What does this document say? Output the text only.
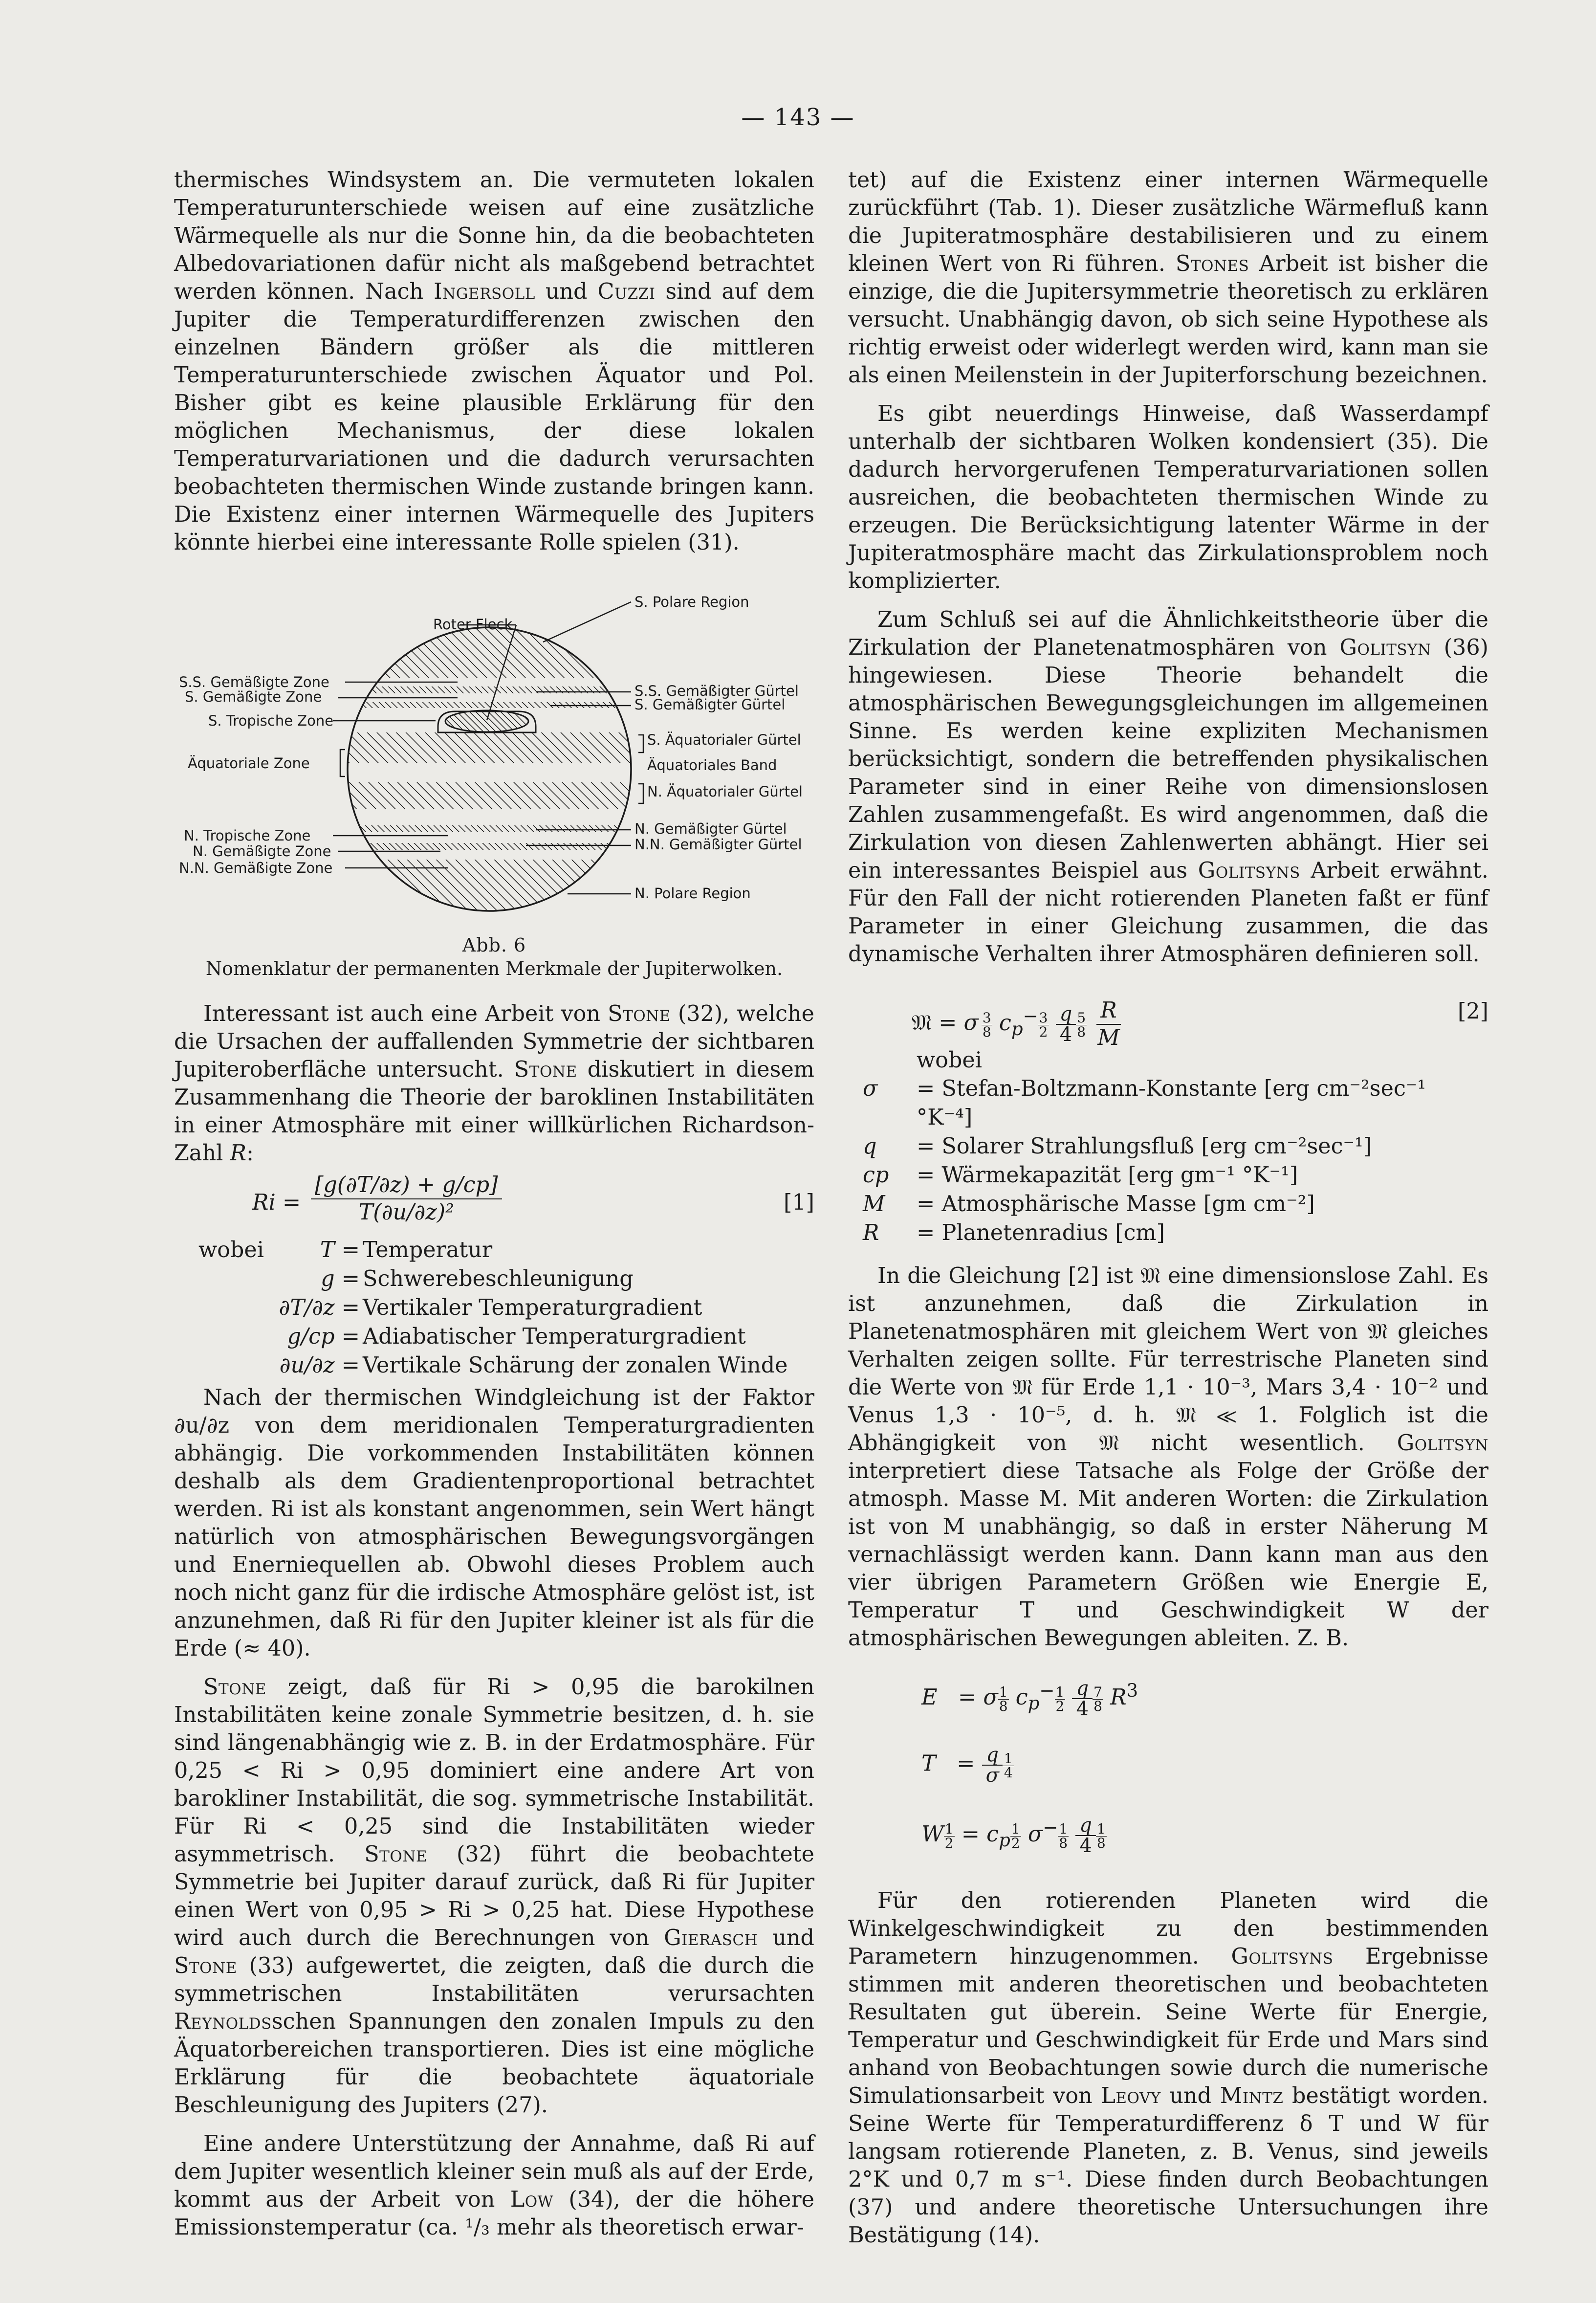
— 143 —

thermisches Windsystem an. Die vermuteten lokalen Temperaturunterschiede weisen auf eine zusätzliche Wärmequelle als nur die Sonne hin, da die beobachteten Albedovariationen dafür nicht als maßgebend betrachtet werden können. Nach Ingersoll und Cuzzi sind auf dem Jupiter die Temperaturdifferenzen zwischen den einzelnen Bändern größer als die mittleren Temperaturunterschiede zwischen Äquator und Pol. Bisher gibt es keine plausible Erklärung für den möglichen Mechanismus, der diese lokalen Temperaturvariationen und die dadurch verursachten beobachteten thermischen Winde zustande bringen kann. Die Existenz einer internen Wärmequelle des Jupiters könnte hierbei eine interessante Rolle spielen (31).

Roter Fleck
S. Polare Region
S.S. Gemäßigter Gürtel
S. Gemäßigter Gürtel
S. Äquatorialer Gürtel
Äquatoriales Band
N. Äquatorialer Gürtel
N. Gemäßigter Gürtel
N.N. Gemäßigter Gürtel
N. Polare Region
S.S. Gemäßigte Zone
S. Gemäßigte Zone
S. Tropische Zone
Äquatoriale Zone
N. Tropische Zone
N. Gemäßigte Zone
N.N. Gemäßigte Zone
Abb. 6
Nomenklatur der permanenten Merkmale der Jupiterwolken.

Interessant ist auch eine Arbeit von Stone (32), welche die Ursachen der auffallenden Symmetrie der sichtbaren Jupiteroberfläche untersucht. Stone diskutiert in diesem Zusammenhang die Theorie der baroklinen Instabilitäten in einer Atmosphäre mit einer willkürlichen Richardson-Zahl R:

$Ri = \frac{[g(\partial T/\partial z) + g/cp]}{\text{T(∂u/∂z)²}}$	[1]
wobei	T = Temperatur
g = Schwerebeschleunigung
∂T/∂z = Vertikaler Temperaturgradient
g/cp = Adiabatischer Temperaturgradient
∂u/∂z = Vertikale Schärung der zonalen Winde

Nach der thermischen Windgleichung ist der Faktor ∂u/∂z von dem meridionalen Temperaturgradienten abhängig. Die vorkommenden Instabilitäten können deshalb als dem Gradientenproportional betrachtet werden. Ri ist als konstant angenommen, sein Wert hängt natürlich von atmosphärischen Bewegungsvorgängen und Enerniequellen ab. Obwohl dieses Problem auch noch nicht ganz für die irdische Atmosphäre gelöst ist, ist anzunehmen, daß Ri für den Jupiter kleiner ist als für die Erde (≈ 40).

Stone zeigt, daß für Ri > 0,95 die barokilnen Instabilitäten keine zonale Symmetrie besitzen, d. h. sie sind längenabhängig wie z. B. in der Erdatmosphäre. Für 0,25 < Ri > 0,95 dominiert eine andere Art von barokliner Instabilität, die sog. symmetrische Instabilität. Für Ri < 0,25 sind die Instabilitäten wieder asymmetrisch. Stone (32) führt die beobachtete Symmetrie bei Jupiter darauf zurück, daß Ri für Jupiter einen Wert von 0,95 > Ri > 0,25 hat. Diese Hypothese wird auch durch die Berechnungen von Gierasch und Stone (33) aufgewertet, die zeigten, daß die durch die symmetrischen Instabilitäten verursachten Reynoldsschen Spannungen den zonalen Impuls zu den Äquatorbereichen transportieren. Dies ist eine mögliche Erklärung für die beobachtete äquatoriale Beschleunigung des Jupiters (27).

Eine andere Unterstützung der Annahme, daß Ri auf dem Jupiter wesentlich kleiner sein muß als auf der Erde, kommt aus der Arbeit von Low (34), der die höhere Emissionstemperatur (ca. ¹/₃ mehr als theoretisch erwar-

tet) auf die Existenz einer internen Wärmequelle zurückführt (Tab. 1). Dieser zusätzliche Wärmefluß kann die Jupiteratmosphäre destabilisieren und zu einem kleinen Wert von Ri führen. Stones Arbeit ist bisher die einzige, die die Jupitersymmetrie theoretisch zu erklären versucht. Unabhängig davon, ob sich seine Hypothese als richtig erweist oder widerlegt werden wird, kann man sie als einen Meilenstein in der Jupiterforschung bezeichnen.

Es gibt neuerdings Hinweise, daß Wasserdampf unterhalb der sichtbaren Wolken kondensiert (35). Die dadurch hervorgerufenen Temperaturvariationen sollen ausreichen, die beobachteten thermischen Winde zu erzeugen. Die Berücksichtigung latenter Wärme in der Jupiteratmosphäre macht das Zirkulationsproblem noch komplizierter.

Zum Schluß sei auf die Ähnlichkeitstheorie über die Zirkulation der Planetenatmosphären von Golitsyn (36) hingewiesen. Diese Theorie behandelt die atmosphärischen Bewegungsgleichungen im allgemeinen Sinne. Es werden keine expliziten Mechanismen berücksichtigt, sondern die betreffenden physikalischen Parameter sind in einer Reihe von dimensionslosen Zahlen zusammengefaßt. Es wird angenommen, daß die Zirkulation von diesen Zahlenwerten abhängt. Hier sei ein interessantes Beispiel aus Golitsyns Arbeit erwähnt. Für den Fall der nicht rotierenden Planeten faßt er fünf Parameter in einer Gleichung zusammen, die das dynamische Verhalten ihrer Atmosphären definieren soll.

𝔐 = σ $\frac{3}{8} c_p^- \frac{3}{2}$
$\frac{q}{4} \frac{5}{8}$
$\frac{R}{M}$	[2]
wobei
σ	= Stefan-Boltzmann-Konstante [erg cm⁻²sec⁻¹ °K⁻⁴]
q	= Solarer Strahlungsfluß [erg cm⁻²sec⁻¹]
cp	= Wärmekapazität [erg gm⁻¹ °K⁻¹]
M	= Atmosphärische Masse [gm cm⁻²]
R	= Planetenradius [cm]

In die Gleichung [2] ist 𝔐 eine dimensionslose Zahl. Es ist anzunehmen, daß die Zirkulation in Planetenatmosphären mit gleichem Wert von 𝔐 gleiches Verhalten zeigen sollte. Für terrestrische Planeten sind die Werte von 𝔐 für Erde 1,1 · 10⁻³, Mars 3,4 · 10⁻² und Venus 1,3 · 10⁻⁵, d. h. 𝔐 ≪ 1. Folglich ist die Abhängigkeit von 𝔐 nicht wesentlich. Golitsyn interpretiert diese Tatsache als Folge der Größe der atmosph. Masse M. Mit anderen Worten: die Zirkulation ist von M unabhängig, so daß in erster Näherung M vernachlässigt werden kann. Dann kann man aus den vier übrigen Parametern Größen wie Energie E, Temperatur T und Geschwindigkeit W der atmosphärischen Bewegungen ableiten. Z. B.

E   = σ $\frac{1}{8} c_p^- \frac{1}{2}$
$\frac{q}{4} \frac{7}{8} R^3$
$T = \frac{q}{\sigma} \frac{1}{4}$
W $\frac{1}{2} = c_p \frac{1}{2} \sigma^- \frac{1}{8}$
$\frac{q}{4} \frac{1}{8}$

Für den rotierenden Planeten wird die Winkelgeschwindigkeit zu den bestimmenden Parametern hinzugenommen. Golitsyns Ergebnisse stimmen mit anderen theoretischen und beobachteten Resultaten gut überein. Seine Werte für Energie, Temperatur und Geschwindigkeit für Erde und Mars sind anhand von Beobachtungen sowie durch die numerische Simulationsarbeit von Leovy und Mintz bestätigt worden. Seine Werte für Temperaturdifferenz δ T und W für langsam rotierende Planeten, z. B. Venus, sind jeweils 2°K und 0,7 m s⁻¹. Diese finden durch Beobachtungen (37) und andere theoretische Untersuchungen ihre Bestätigung (14).
